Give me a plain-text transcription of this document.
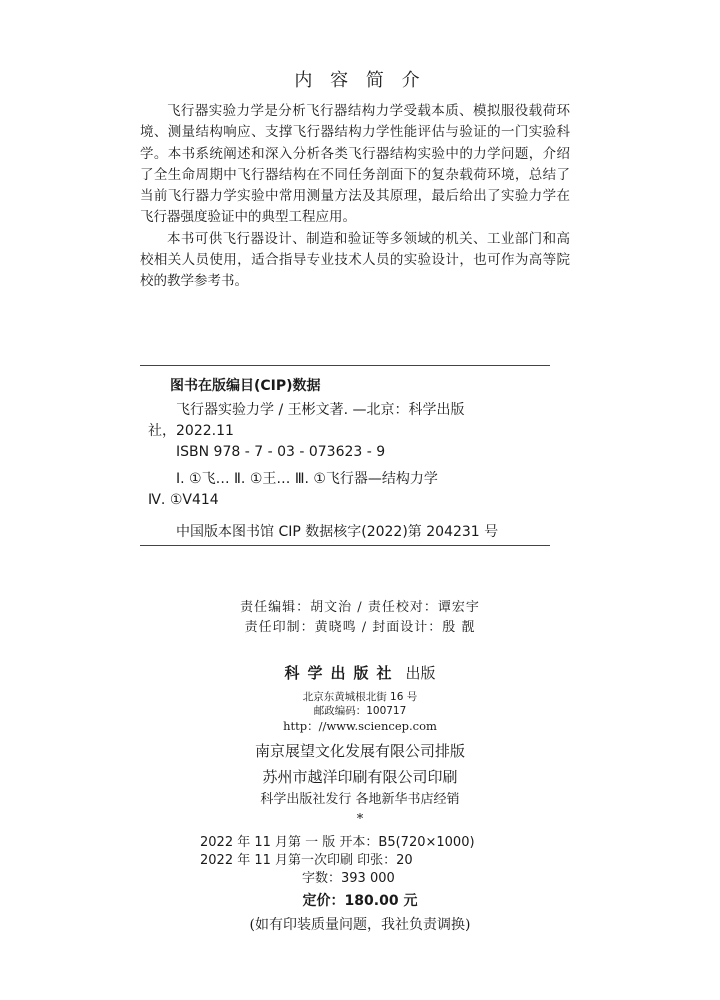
内 容 简 介

飞行器实验力学是分析飞行器结构力学受载本质、模拟服役载荷环境、测量结构响应、支撑飞行器结构力学性能评估与验证的一门实验科学。本书系统阐述和深入分析各类飞行器结构实验中的力学问题，介绍了全生命周期中飞行器结构在不同任务剖面下的复杂载荷环境，总结了当前飞行器力学实验中常用测量方法及其原理，最后给出了实验力学在飞行器强度验证中的典型工程应用。

本书可供飞行器设计、制造和验证等多领域的机关、工业部门和高校相关人员使用，适合指导专业技术人员的实验设计，也可作为高等院校的教学参考书。

图书在版编目(CIP)数据

飞行器实验力学 / 王彬文著. —北京：科学出版

社，2022.11

ISBN 978 - 7 - 03 - 073623 - 9

Ⅰ. ①飞… Ⅱ. ①王… Ⅲ. ①飞行器—结构力学

Ⅳ. ①V414

中国版本图书馆 CIP 数据核字(2022)第 204231 号
责任编辑：胡文治 / 责任校对：谭宏宇
责任印制：黄晓鸣 / 封面设计：殷 靓
科学出版社 出版
北京东黄城根北街 16 号
邮政编码：100717
http：//www.sciencep.com
南京展望文化发展有限公司排版
苏州市越洋印刷有限公司印刷
科学出版社发行 各地新华书店经销
*
2022 年 11 月第 一 版 开本：B5(720×1000)
2022 年 11 月第一次印刷 印张：20
字数：393 000
定价：180.00 元
(如有印装质量问题，我社负责调换)
